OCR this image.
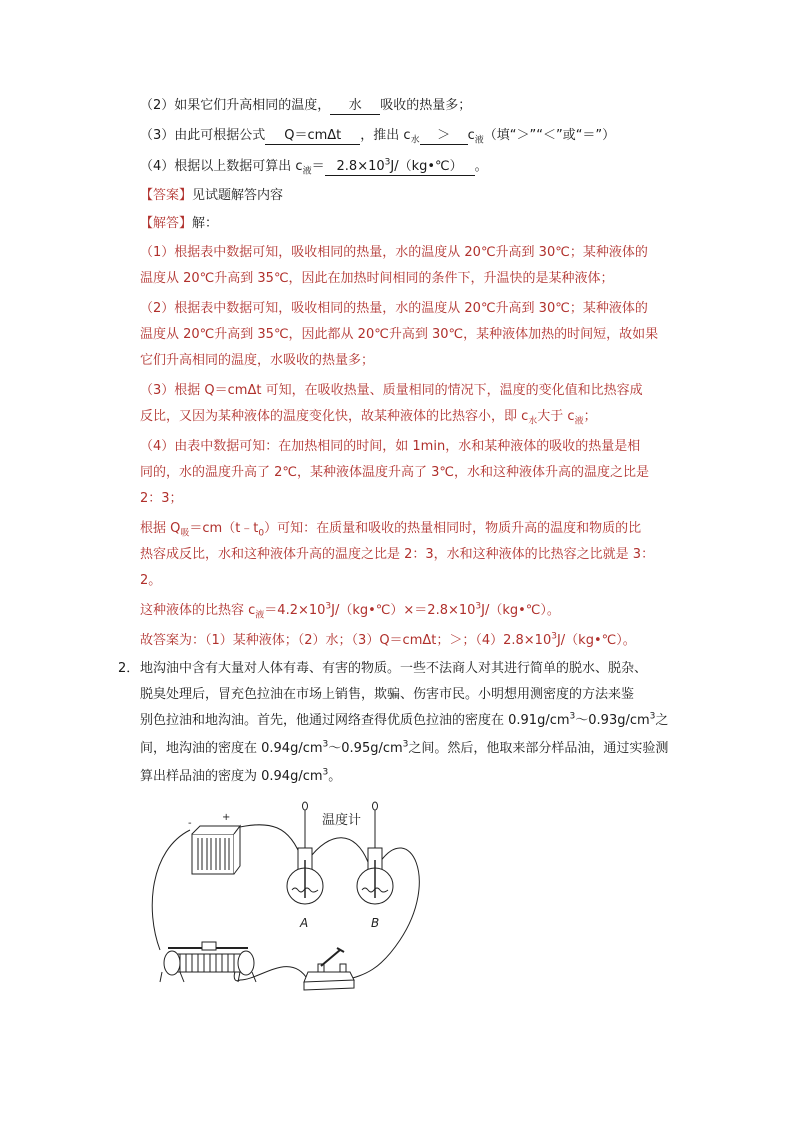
（2）如果它们升高相同的温度， 水 吸收的热量多；
（3）由此可根据公式 Q＝cmΔt ，推出 $c_水 > c_液$（填“＞”“＜”或“＝”）
（4）根据以上数据可算出 $c_液=$ $2.8\times 10^3J/(kg•℃)$ 。
【答案】见试题解答内容
【解答】解：
（1）根据表中数据可知，吸收相同的热量，水的温度从 20℃升高到 30℃；某种液体的
温度从 20℃升高到 35℃，因此在加热时间相同的条件下，升温快的是某种液体；
（2）根据表中数据可知，吸收相同的热量，水的温度从 20℃升高到 30℃；某种液体的
温度从 20℃升高到 35℃，因此都从 20℃升高到 30℃，某种液体加热的时间短，故如果
它们升高相同的温度，水吸收的热量多；
（3）根据 Q＝cmΔt 可知，在吸收热量、质量相同的情况下，温度的变化值和比热容成
反比，又因为某种液体的温度变化快，故某种液体的比热容小，即 $c_水$大于 $c_液$；
（4）由表中数据可知：在加热相同的时间，如 1min，水和某种液体的吸收的热量是相
同的，水的温度升高了 2℃，某种液体温度升高了 3℃，水和这种液体升高的温度之比是
2：3；
根据 $Q_吸=cm(t﹣t_0)$可知：在质量和吸收的热量相同时，物质升高的温度和物质的比
热容成反比，水和这种液体升高的温度之比是 2：3，水和这种液体的比热容之比就是 3：
2。
这种液体的比热容 $c_液=4.2\times 10^3J/(kg•℃)\times=2.8\times 10^3J/(kg•℃)$。
故答案为：（1）某种液体；（2）水；（3）Q＝cmΔt；＞；$(4)2.8\times 10^3J/(kg•℃)$。
2． 地沟油中含有大量对人体有毒、有害的物质。一些不法商人对其进行简单的脱水、脱杂、
脱臭处理后，冒充色拉油在市场上销售，欺骗、伤害市民。小明想用测密度的方法来鉴
别色拉油和地沟油。首先，他通过网络查得优质色拉油的密度在 $0.91g/cm^3\sim 0.93g/cm^3$之
间，地沟油的密度在 $0.94g/cm^3\sim 0.95g/cm^3$之间。然后，他取来部分样品油，通过实验测
算出样品油的密度为 $0.94g/cm^3$。
-
+	温度计
A	B
